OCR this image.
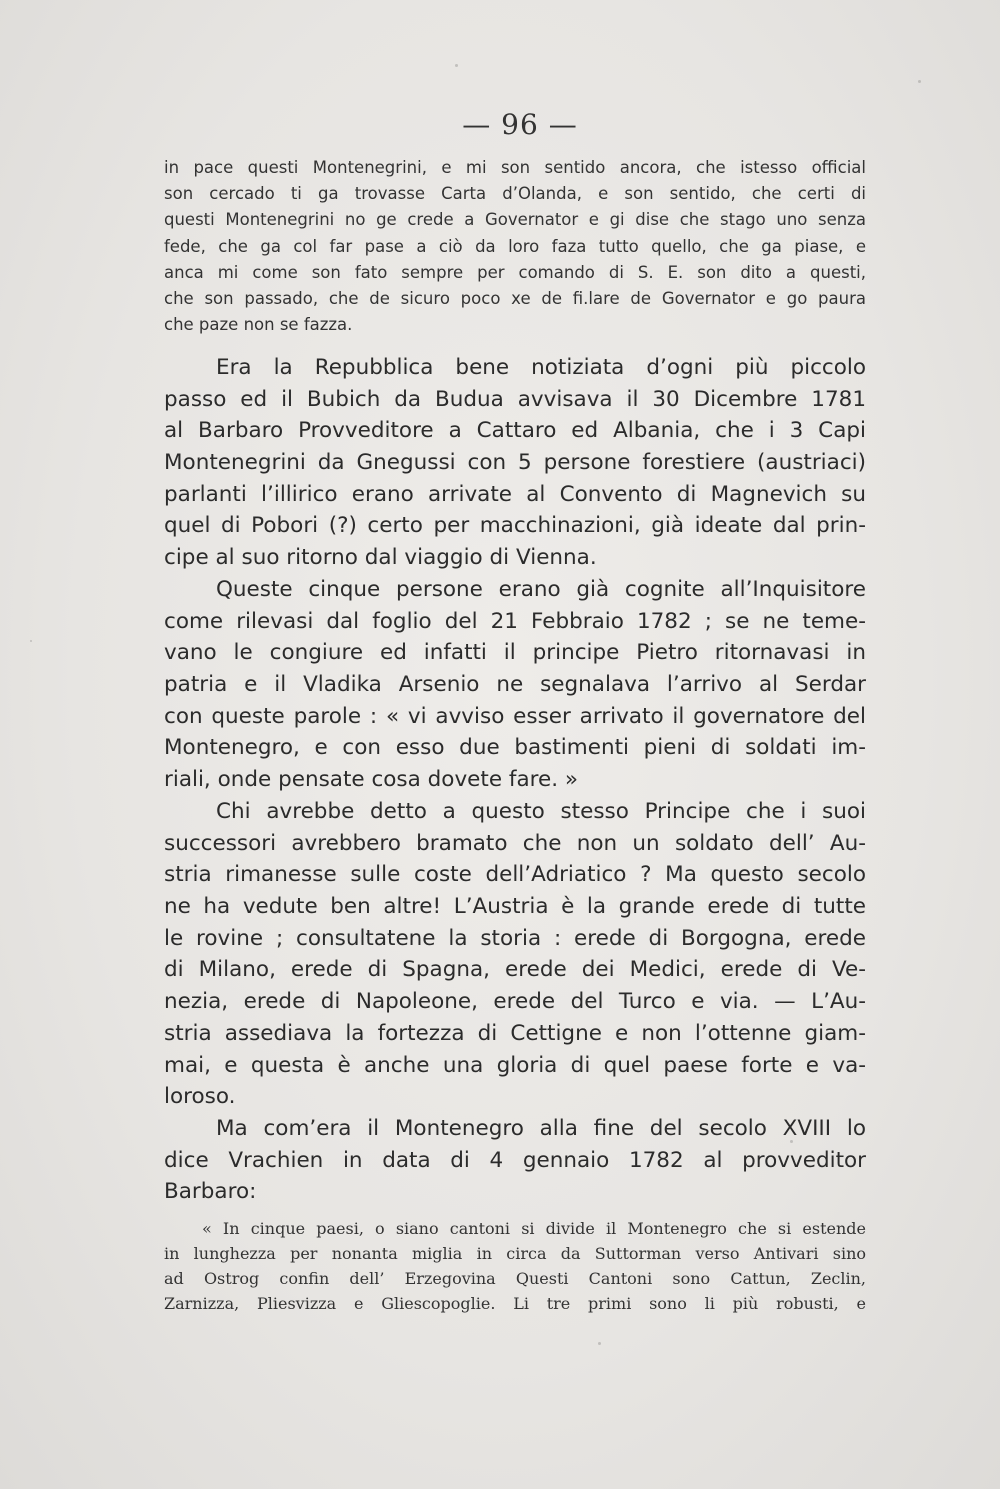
— 96 —
in pace questi Montenegrini, e mi son sentido ancora, che istesso official
son cercado ti ga trovasse Carta d’Olanda, e son sentido, che certi di
questi Montenegrini no ge crede a Governator e gi dise che stago uno senza
fede, che ga col far pase a ciò da loro faza tutto quello, che ga piase, e
anca mi come son fato sempre per comando di S. E. son dito a questi,
che son passado, che de sicuro poco xe de fi.lare de Governator e go paura
che paze non se fazza.
Era la Repubblica bene notiziata d’ogni più piccolo
passo ed il Bubich da Budua avvisava il 30 Dicembre 1781
al Barbaro Provveditore a Cattaro ed Albania, che i 3 Capi
Montenegrini da Gnegussi con 5 persone forestiere (austriaci)
parlanti l’illirico erano arrivate al Convento di Magnevich su
quel di Pobori (?) certo per macchinazioni, già ideate dal prin-
cipe al suo ritorno dal viaggio di Vienna.
Queste cinque persone erano già cognite all’Inquisitore
come rilevasi dal foglio del 21 Febbraio 1782 ; se ne teme-
vano le congiure ed infatti il principe Pietro ritornavasi in
patria e il Vladika Arsenio ne segnalava l’arrivo al Serdar
con queste parole : « vi avviso esser arrivato il governatore del
Montenegro, e con esso due bastimenti pieni di soldati im-
riali, onde pensate cosa dovete fare. »
Chi avrebbe detto a questo stesso Principe che i suoi
successori avrebbero bramato che non un soldato dell’ Au-
stria rimanesse sulle coste dell’Adriatico ? Ma questo secolo
ne ha vedute ben altre! L’Austria è la grande erede di tutte
le rovine ; consultatene la storia : erede di Borgogna, erede
di Milano, erede di Spagna, erede dei Medici, erede di Ve-
nezia, erede di Napoleone, erede del Turco e via. — L’Au-
stria assediava la fortezza di Cettigne e non l’ottenne giam-
mai, e questa è anche una gloria di quel paese forte e va-
loroso.
Ma com’era il Montenegro alla fine del secolo XVIII lo
dice Vrachien in data di 4 gennaio 1782 al provveditor
Barbaro:
« In cinque paesi, o siano cantoni si divide il Montenegro che si estende
in lunghezza per nonanta miglia in circa da Suttorman verso Antivari sino
ad Ostrog confin dell’ Erzegovina Questi Cantoni sono Cattun, Zeclin,
Zarnizza, Pliesvizza e Gliescopoglie. Li tre primi sono li più robusti, e
